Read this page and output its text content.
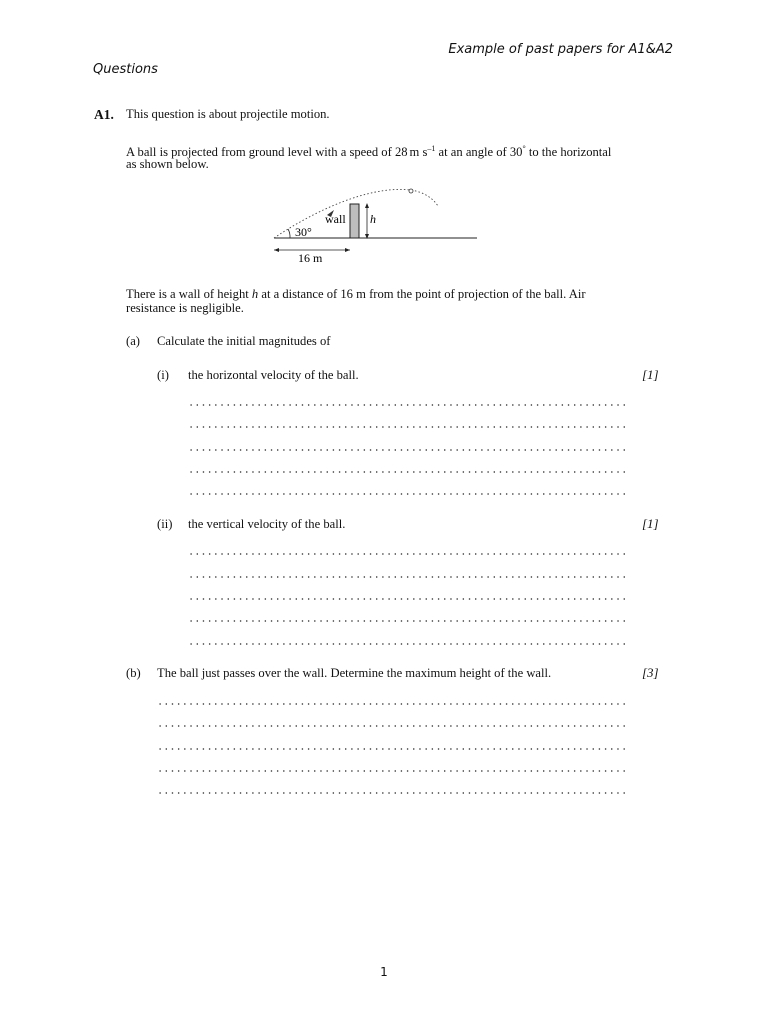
Example of past papers for A1&A2
Questions
A1. This question is about projectile motion.
A ball is projected from ground level with a speed of 28 m $s^{-1}$ at an angle of 30° to the horizontal
as shown below.
wall h
30°
16 m
There is a wall of height h at a distance of 16 m from the point of projection of the ball. Air
resistance is negligible.
(a) Calculate the initial magnitudes of
(i) the horizontal velocity of the ball.	[1]
(ii) the vertical velocity of the ball.	[1]
(b) The ball just passes over the wall. Determine the maximum height of the wall.	[3]
1
